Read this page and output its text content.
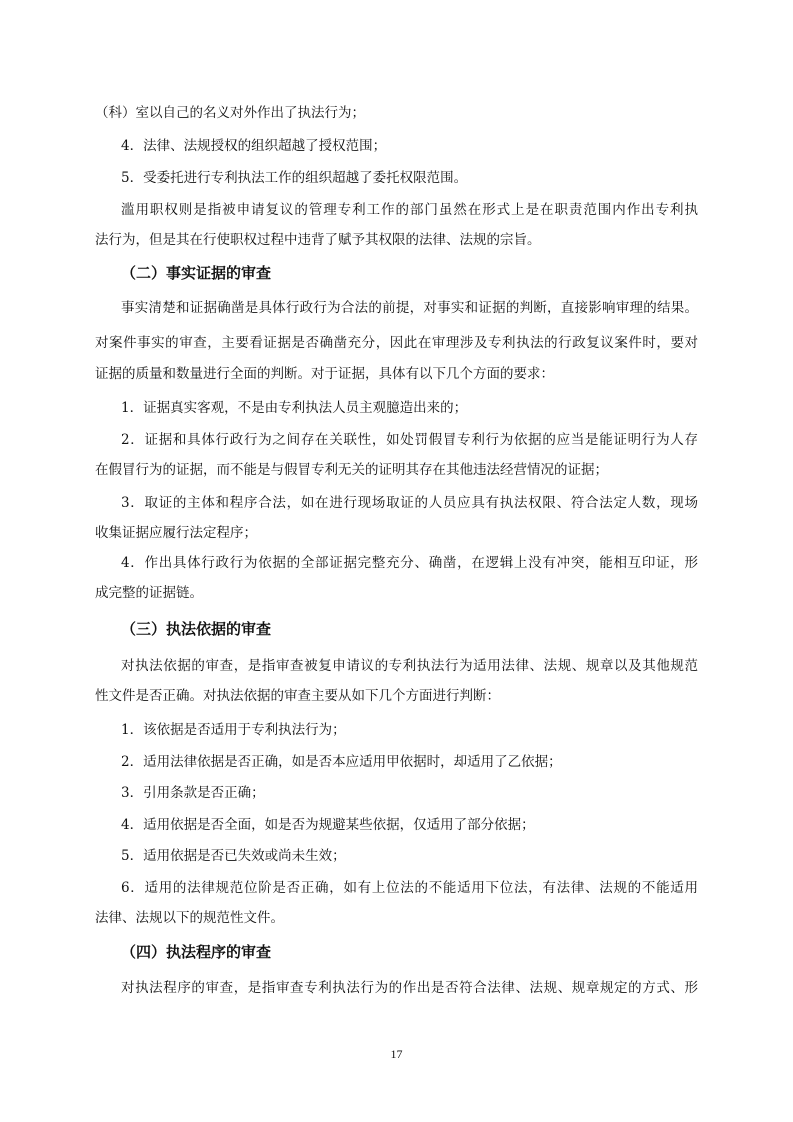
（科）室以自己的名义对外作出了执法行为；
4．法律、法规授权的组织超越了授权范围；
5．受委托进行专利执法工作的组织超越了委托权限范围。
滥用职权则是指被申请复议的管理专利工作的部门虽然在形式上是在职责范围内作出专利执
法行为，但是其在行使职权过程中违背了赋予其权限的法律、法规的宗旨。
（二）事实证据的审查
事实清楚和证据确凿是具体行政行为合法的前提，对事实和证据的判断，直接影响审理的结果。
对案件事实的审查，主要看证据是否确凿充分，因此在审理涉及专利执法的行政复议案件时，要对
证据的质量和数量进行全面的判断。对于证据，具体有以下几个方面的要求：
1．证据真实客观，不是由专利执法人员主观臆造出来的；
2．证据和具体行政行为之间存在关联性，如处罚假冒专利行为依据的应当是能证明行为人存
在假冒行为的证据，而不能是与假冒专利无关的证明其存在其他违法经营情况的证据；
3．取证的主体和程序合法，如在进行现场取证的人员应具有执法权限、符合法定人数，现场
收集证据应履行法定程序；
4．作出具体行政行为依据的全部证据完整充分、确凿，在逻辑上没有冲突，能相互印证，形
成完整的证据链。
（三）执法依据的审查
对执法依据的审查，是指审查被复申请议的专利执法行为适用法律、法规、规章以及其他规范
性文件是否正确。对执法依据的审查主要从如下几个方面进行判断：
1．该依据是否适用于专利执法行为；
2．适用法律依据是否正确，如是否本应适用甲依据时，却适用了乙依据；
3．引用条款是否正确；
4．适用依据是否全面，如是否为规避某些依据，仅适用了部分依据；
5．适用依据是否已失效或尚未生效；
6．适用的法律规范位阶是否正确，如有上位法的不能适用下位法，有法律、法规的不能适用
法律、法规以下的规范性文件。
（四）执法程序的审查
对执法程序的审查，是指审查专利执法行为的作出是否符合法律、法规、规章规定的方式、形
17
